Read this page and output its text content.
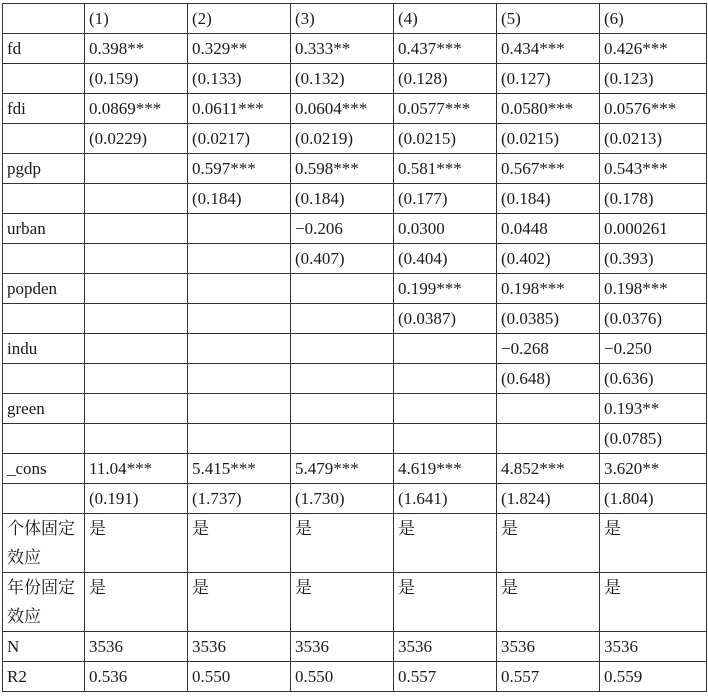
	(1)	(2)	(3)	(4)	(5)	(6)
fd	0.398**	0.329**	0.333**	0.437***	0.434***	0.426***
	(0.159)	(0.133)	(0.132)	(0.128)	(0.127)	(0.123)
fdi	0.0869***	0.0611***	0.0604***	0.0577***	0.0580***	0.0576***
	(0.0229)	(0.0217)	(0.0219)	(0.0215)	(0.0215)	(0.0213)
pgdp		0.597***	0.598***	0.581***	0.567***	0.543***
		(0.184)	(0.184)	(0.177)	(0.184)	(0.178)
urban			−0.206	0.0300	0.0448	0.000261
			(0.407)	(0.404)	(0.402)	(0.393)
popden				0.199***	0.198***	0.198***
				(0.0387)	(0.0385)	(0.0376)
indu					−0.268	−0.250
					(0.648)	(0.636)
green						0.193**
						(0.0785)
_cons	11.04***	5.415***	5.479***	4.619***	4.852***	3.620**
	(0.191)	(1.737)	(1.730)	(1.641)	(1.824)	(1.804)
个体固定效应	是	是	是	是	是	是
年份固定效应	是	是	是	是	是	是
N	3536	3536	3536	3536	3536	3536
R2	0.536	0.550	0.550	0.557	0.557	0.559
